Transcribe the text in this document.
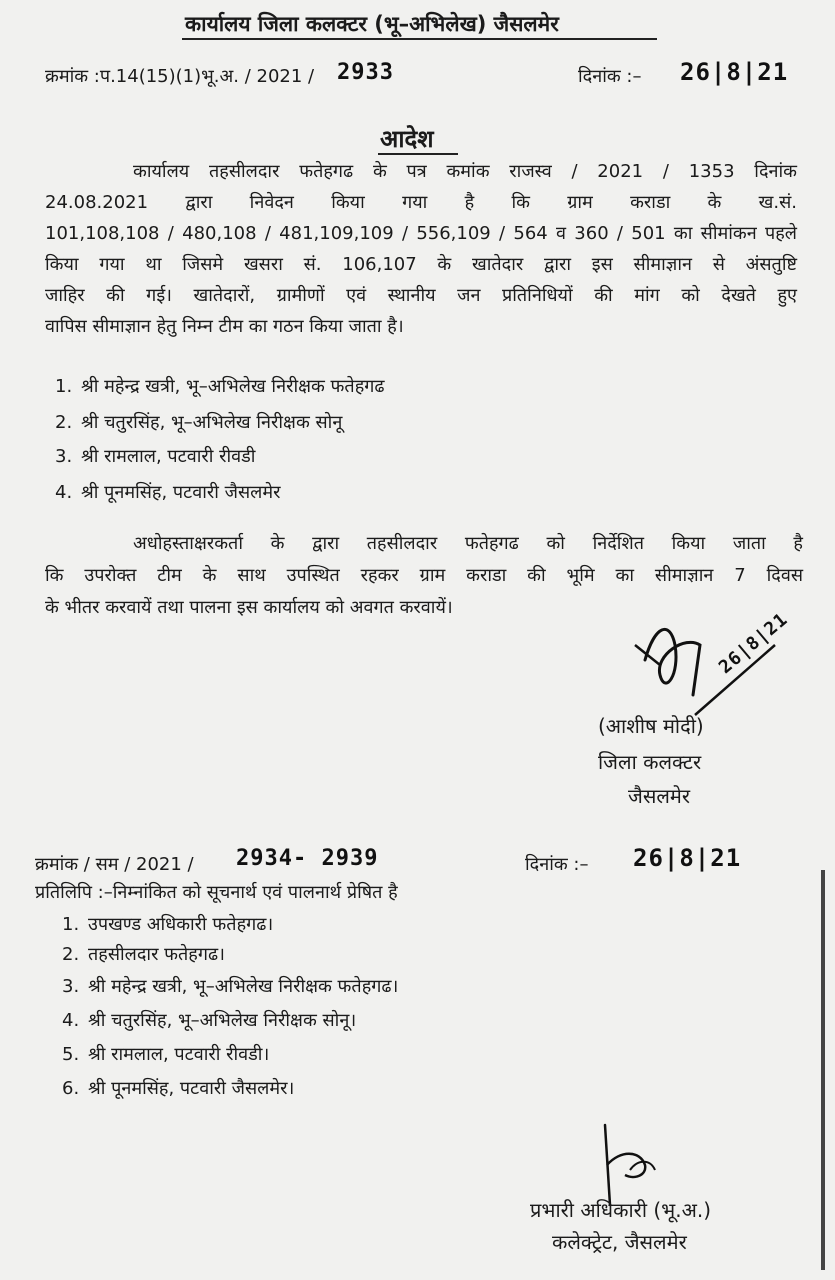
कार्यालय जिला कलक्टर (भू–अभिलेख) जैसलमेर
क्रमांक :प.14(15)(1)भू.अ. / 2021 / 2933	दिनांक :– 26|8|21
आदेश
कार्यालय तहसीलदार फतेहगढ के पत्र कमांक राजस्व / 2021 / 1353 दिनांक
24.08.2021 द्वारा निवेदन किया गया है कि ग्राम कराडा के ख.सं.
101,108,108 / 480,108 / 481,109,109 / 556,109 / 564 व 360 / 501 का सीमांकन पहले
किया गया था जिसमे खसरा सं. 106,107 के खातेदार द्वारा इस सीमाज्ञान से अंसतुष्टि
जाहिर की गई। खातेदारों, ग्रामीणों एवं स्थानीय जन प्रतिनिधियों की मांग को देखते हुए
वापिस सीमाज्ञान हेतु निम्न टीम का गठन किया जाता है।
1. श्री महेन्द्र खत्री, भू–अभिलेख निरीक्षक फतेहगढ
2. श्री चतुरसिंह, भू–अभिलेख निरीक्षक सोनू
3. श्री रामलाल, पटवारी रीवडी
4. श्री पूनमसिंह, पटवारी जैसलमेर
अधोहस्ताक्षरकर्ता के द्वारा तहसीलदार फतेहगढ को निर्देशित किया जाता है
कि उपरोक्त टीम के साथ उपस्थित रहकर ग्राम कराडा की भूमि का सीमाज्ञान 7 दिवस
के भीतर करवायें तथा पालना इस कार्यालय को अवगत करवायें।
26|8|21
(आशीष मोदी)
जिला कलक्टर
जैसलमेर
क्रमांक / सम / 2021 / 2934- 2939	दिनांक :– 26|8|21
प्रतिलिपि :–निम्नांकित को सूचनार्थ एवं पालनार्थ प्रेषित है
1. उपखण्ड अधिकारी फतेहगढ।
2. तहसीलदार फतेहगढ।
3. श्री महेन्द्र खत्री, भू–अभिलेख निरीक्षक फतेहगढ।
4. श्री चतुरसिंह, भू–अभिलेख निरीक्षक सोनू।
5. श्री रामलाल, पटवारी रीवडी।
6. श्री पूनमसिंह, पटवारी जैसलमेर।
प्रभारी अधिकारी (भू.अ.)
कलेक्ट्रेट, जैसलमेर
